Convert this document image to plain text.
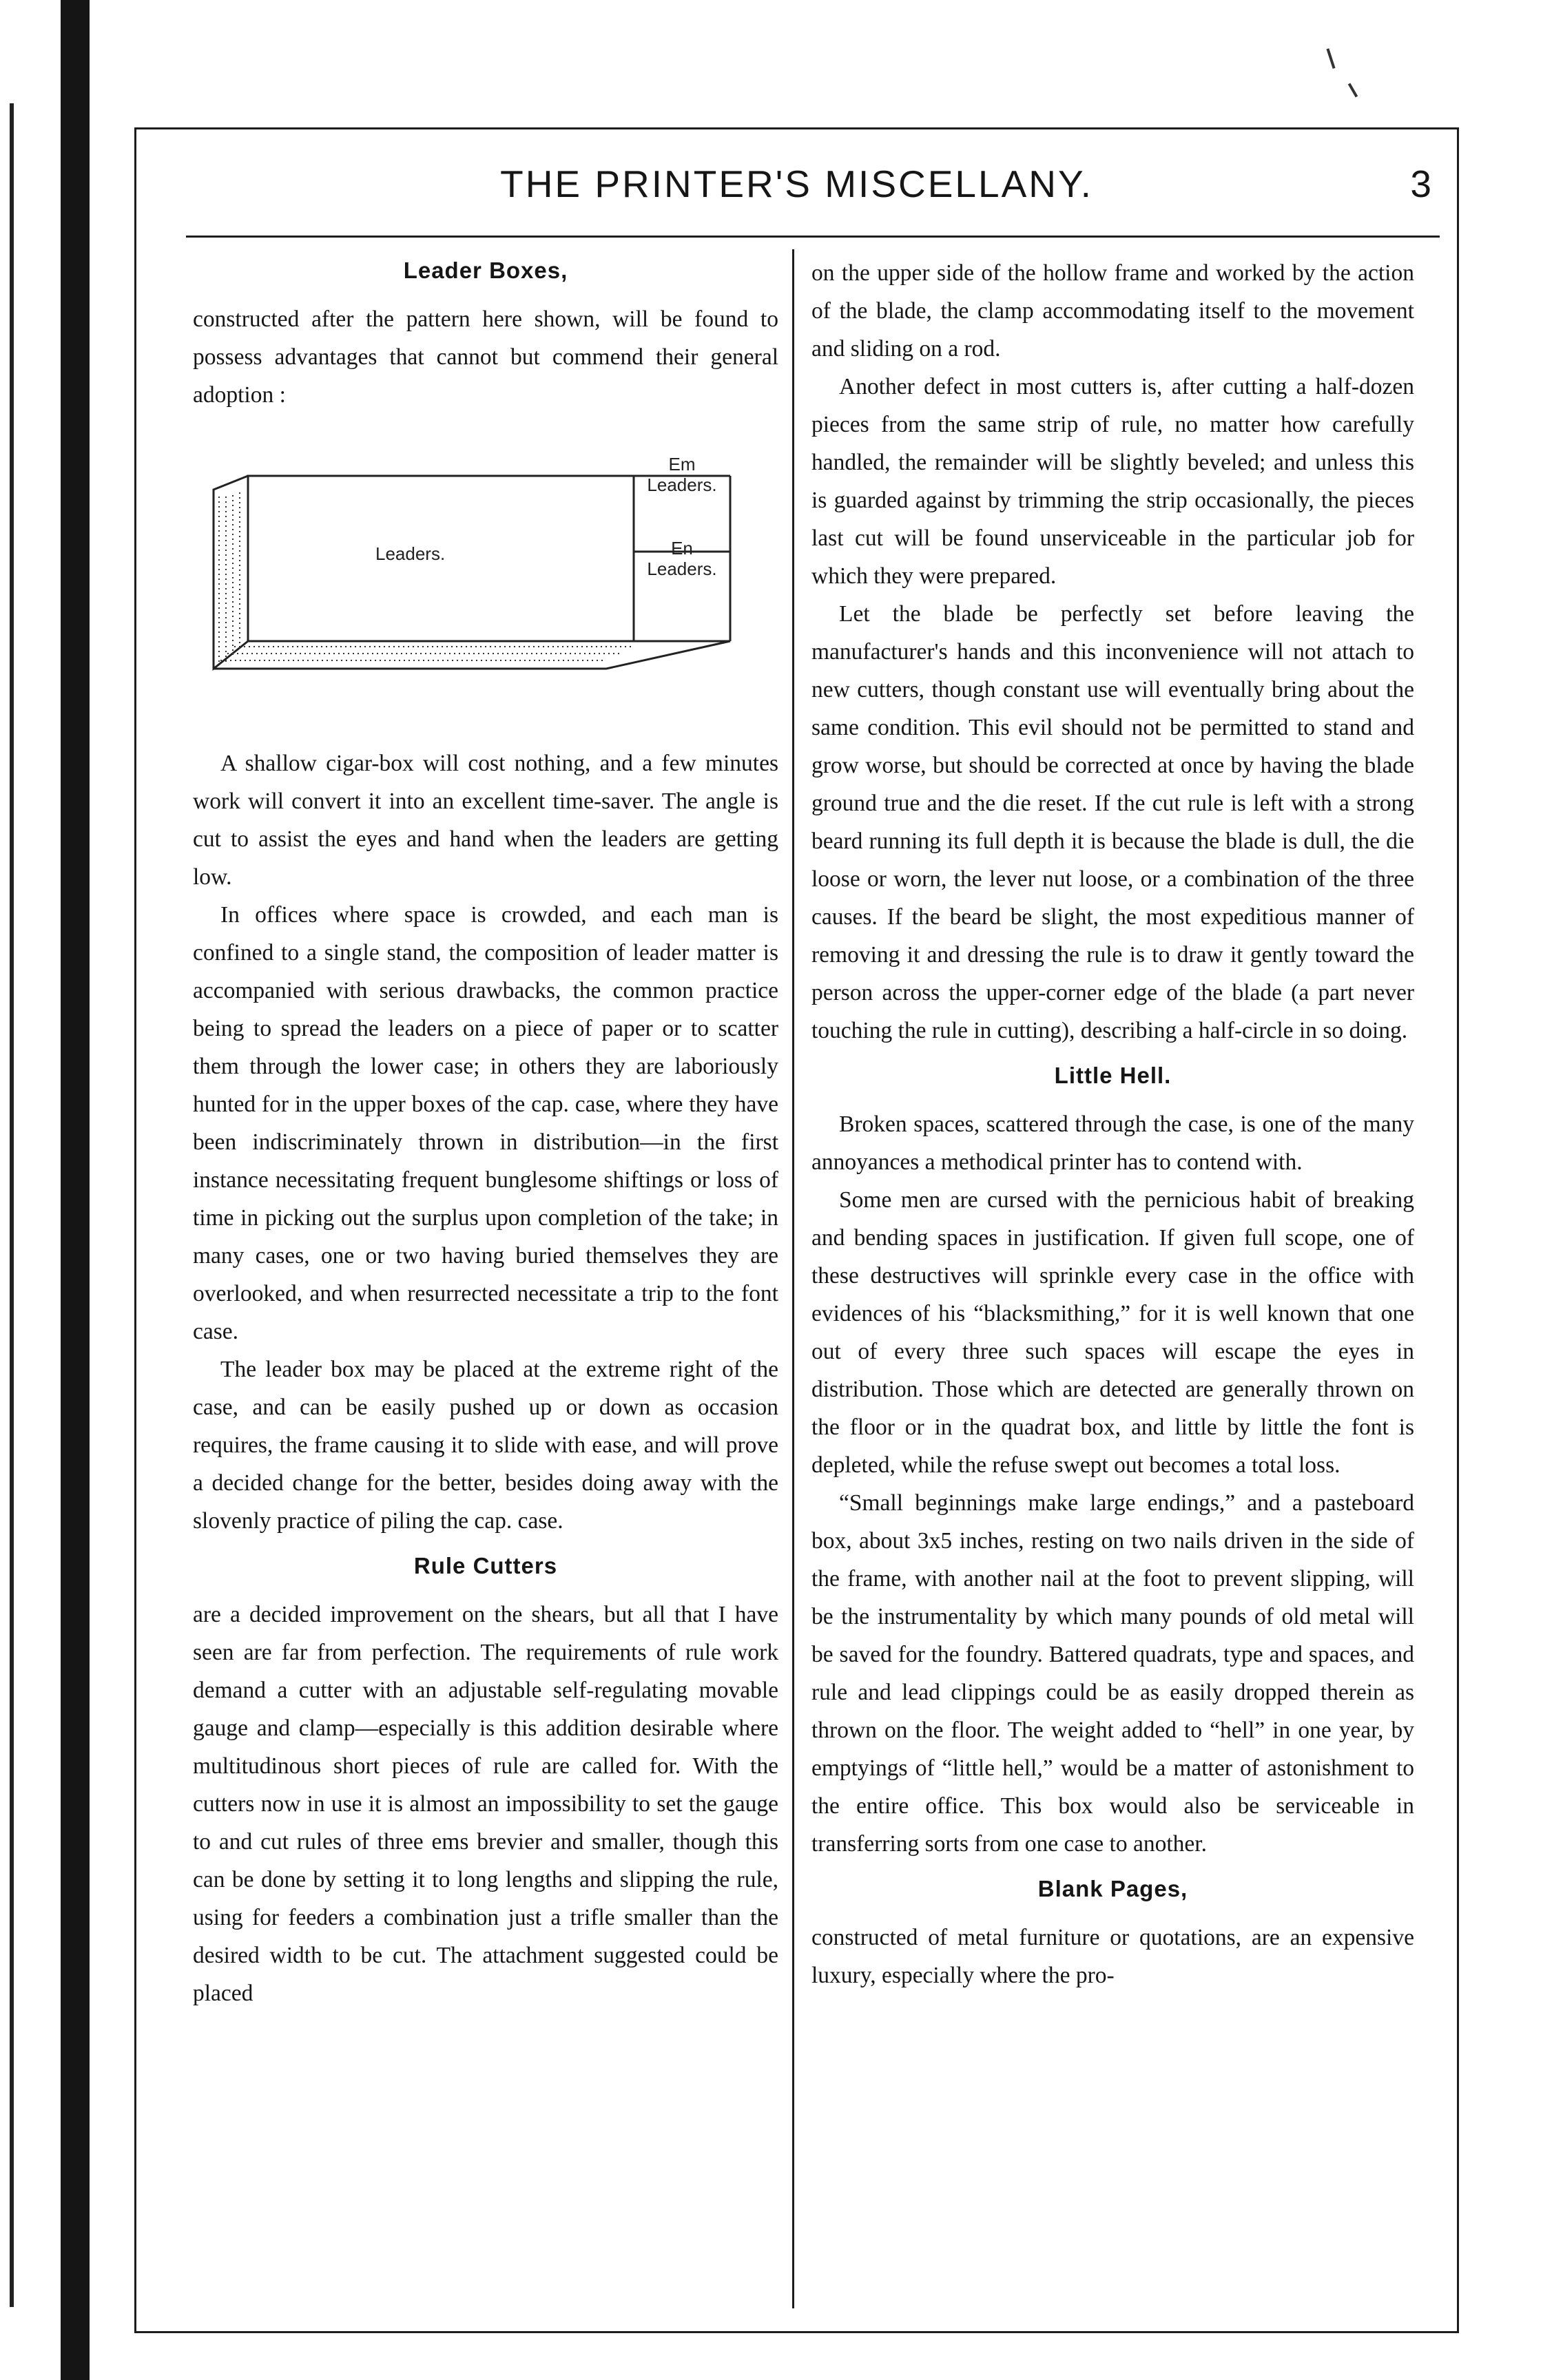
THE PRINTER'S MISCELLANY.	3
Leader Boxes,

constructed after the pattern here shown, will be found to possess advantages that cannot but commend their general adoption :

Leaders.
Em Leaders.
En Leaders.

A shallow cigar-box will cost nothing, and a few minutes work will convert it into an excellent time-saver. The angle is cut to assist the eyes and hand when the leaders are getting low.

In offices where space is crowded, and each man is confined to a single stand, the composition of leader matter is accompanied with serious drawbacks, the common practice being to spread the leaders on a piece of paper or to scatter them through the lower case; in others they are laboriously hunted for in the upper boxes of the cap. case, where they have been indiscriminately thrown in distribution—in the first instance necessitating frequent bunglesome shiftings or loss of time in picking out the surplus upon completion of the take; in many cases, one or two having buried themselves they are overlooked, and when resurrected necessitate a trip to the font case.

The leader box may be placed at the extreme right of the case, and can be easily pushed up or down as occasion requires, the frame causing it to slide with ease, and will prove a decided change for the better, besides doing away with the slovenly practice of piling the cap. case.

Rule Cutters

are a decided improvement on the shears, but all that I have seen are far from perfection. The requirements of rule work demand a cutter with an adjustable self-regulating movable gauge and clamp—especially is this addition desirable where multitudinous short pieces of rule are called for. With the cutters now in use it is almost an impossibility to set the gauge to and cut rules of three ems brevier and smaller, though this can be done by setting it to long lengths and slipping the rule, using for feeders a combination just a trifle smaller than the desired width to be cut. The attachment suggested could be placed

on the upper side of the hollow frame and worked by the action of the blade, the clamp accommodating itself to the movement and sliding on a rod.

Another defect in most cutters is, after cutting a half-dozen pieces from the same strip of rule, no matter how carefully handled, the remainder will be slightly beveled; and unless this is guarded against by trimming the strip occasionally, the pieces last cut will be found unserviceable in the particular job for which they were prepared.

Let the blade be perfectly set before leaving the manufacturer's hands and this inconvenience will not attach to new cutters, though constant use will eventually bring about the same condition. This evil should not be permitted to stand and grow worse, but should be corrected at once by having the blade ground true and the die reset. If the cut rule is left with a strong beard running its full depth it is because the blade is dull, the die loose or worn, the lever nut loose, or a combination of the three causes. If the beard be slight, the most expeditious manner of removing it and dressing the rule is to draw it gently toward the person across the upper-corner edge of the blade (a part never touching the rule in cutting), describing a half-circle in so doing.

Little Hell.

Broken spaces, scattered through the case, is one of the many annoyances a methodical printer has to contend with.

Some men are cursed with the pernicious habit of breaking and bending spaces in justification. If given full scope, one of these destructives will sprinkle every case in the office with evidences of his “blacksmithing,” for it is well known that one out of every three such spaces will escape the eyes in distribution. Those which are detected are generally thrown on the floor or in the quadrat box, and little by little the font is depleted, while the refuse swept out becomes a total loss.

“Small beginnings make large endings,” and a pasteboard box, about 3x5 inches, resting on two nails driven in the side of the frame, with another nail at the foot to prevent slipping, will be the instrumentality by which many pounds of old metal will be saved for the foundry. Battered quadrats, type and spaces, and rule and lead clippings could be as easily dropped therein as thrown on the floor. The weight added to “hell” in one year, by emptyings of “little hell,” would be a matter of astonishment to the entire office. This box would also be serviceable in transferring sorts from one case to another.

Blank Pages,

constructed of metal furniture or quotations, are an expensive luxury, especially where the pro-
